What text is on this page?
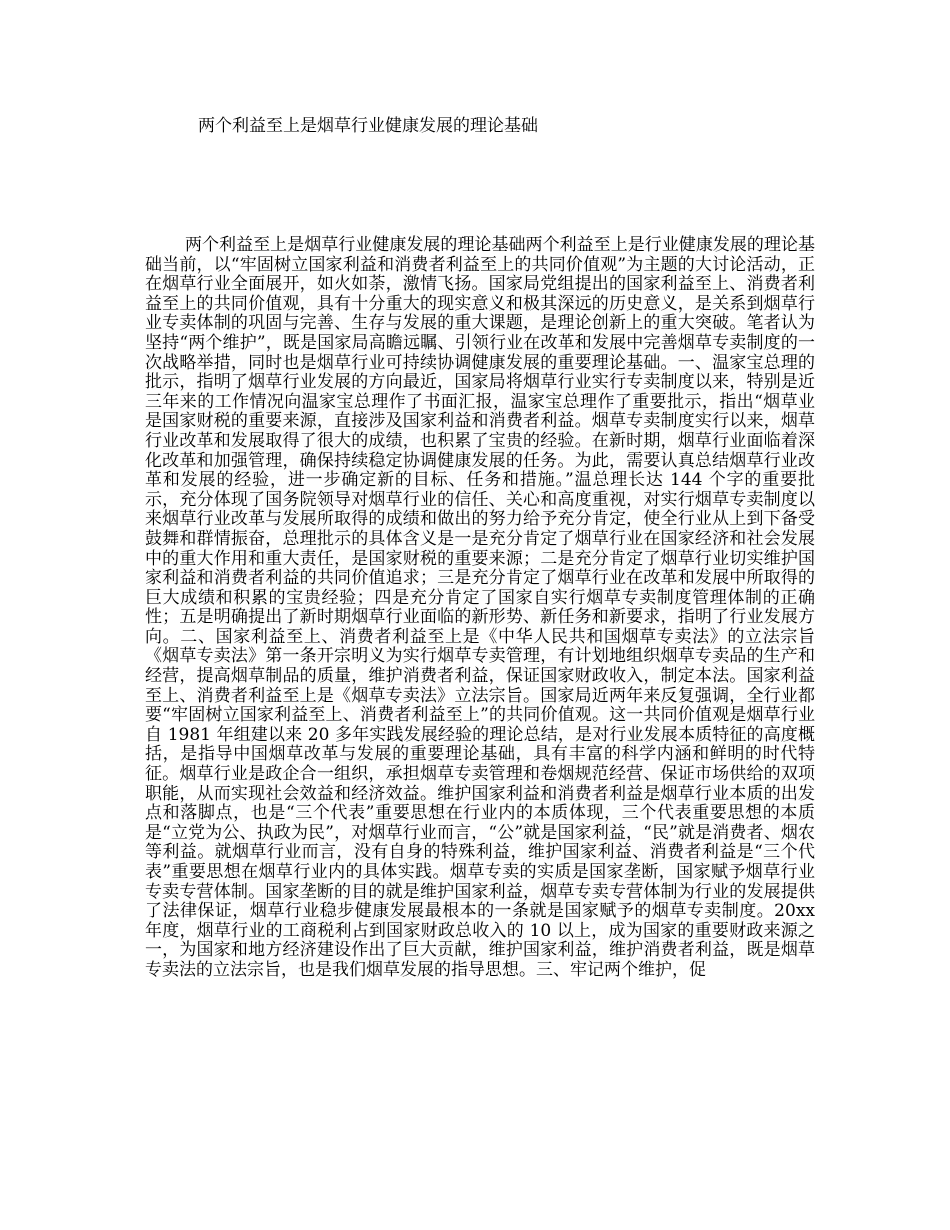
两个利益至上是烟草行业健康发展的理论基础

两个利益至上是烟草行业健康发展的理论基础两个利益至上是行业健康发展的理论基础当前，以“牢固树立国家利益和消费者利益至上的共同价值观”为主题的大讨论活动，正在烟草行业全面展开，如火如荼，激情飞扬。国家局党组提出的国家利益至上、消费者利益至上的共同价值观，具有十分重大的现实意义和极其深远的历史意义，是关系到烟草行业专卖体制的巩固与完善、生存与发展的重大课题，是理论创新上的重大突破。笔者认为坚持“两个维护”，既是国家局高瞻远瞩、引领行业在改革和发展中完善烟草专卖制度的一次战略举措，同时也是烟草行业可持续协调健康发展的重要理论基础。一、温家宝总理的批示，指明了烟草行业发展的方向最近，国家局将烟草行业实行专卖制度以来，特别是近三年来的工作情况向温家宝总理作了书面汇报，温家宝总理作了重要批示，指出“烟草业是国家财税的重要来源，直接涉及国家利益和消费者利益。烟草专卖制度实行以来，烟草行业改革和发展取得了很大的成绩，也积累了宝贵的经验。在新时期，烟草行业面临着深化改革和加强管理，确保持续稳定协调健康发展的任务。为此，需要认真总结烟草行业改革和发展的经验，进一步确定新的目标、任务和措施。”温总理长达 144 个字的重要批示，充分体现了国务院领导对烟草行业的信任、关心和高度重视，对实行烟草专卖制度以来烟草行业改革与发展所取得的成绩和做出的努力给予充分肯定，使全行业从上到下备受鼓舞和群情振奋，总理批示的具体含义是一是充分肯定了烟草行业在国家经济和社会发展中的重大作用和重大责任，是国家财税的重要来源；二是充分肯定了烟草行业切实维护国家利益和消费者利益的共同价值追求；三是充分肯定了烟草行业在改革和发展中所取得的巨大成绩和积累的宝贵经验；四是充分肯定了国家自实行烟草专卖制度管理体制的正确性；五是明确提出了新时期烟草行业面临的新形势、新任务和新要求，指明了行业发展方向。二、国家利益至上、消费者利益至上是《中华人民共和国烟草专卖法》的立法宗旨《烟草专卖法》第一条开宗明义为实行烟草专卖管理，有计划地组织烟草专卖品的生产和经营，提高烟草制品的质量，维护消费者利益，保证国家财政收入，制定本法。国家利益至上、消费者利益至上是《烟草专卖法》立法宗旨。国家局近两年来反复强调，全行业都要“牢固树立国家利益至上、消费者利益至上”的共同价值观。这一共同价值观是烟草行业自 1981 年组建以来 20 多年实践发展经验的理论总结，是对行业发展本质特征的高度概括，是指导中国烟草改革与发展的重要理论基础，具有丰富的科学内涵和鲜明的时代特征。烟草行业是政企合一组织，承担烟草专卖管理和卷烟规范经营、保证市场供给的双项职能，从而实现社会效益和经济效益。维护国家利益和消费者利益是烟草行业本质的出发点和落脚点，也是“三个代表”重要思想在行业内的本质体现，三个代表重要思想的本质是“立党为公、执政为民”，对烟草行业而言，“公”就是国家利益，“民”就是消费者、烟农等利益。就烟草行业而言，没有自身的特殊利益，维护国家利益、消费者利益是“三个代表”重要思想在烟草行业内的具体实践。烟草专卖的实质是国家垄断，国家赋予烟草行业专卖专营体制。国家垄断的目的就是维护国家利益，烟草专卖专营体制为行业的发展提供了法律保证，烟草行业稳步健康发展最根本的一条就是国家赋予的烟草专卖制度。20xx 年度，烟草行业的工商税利占到国家财政总收入的 10 以上，成为国家的重要财政来源之一，为国家和地方经济建设作出了巨大贡献，维护国家利益，维护消费者利益，既是烟草专卖法的立法宗旨，也是我们烟草发展的指导思想。三、牢记两个维护，促
